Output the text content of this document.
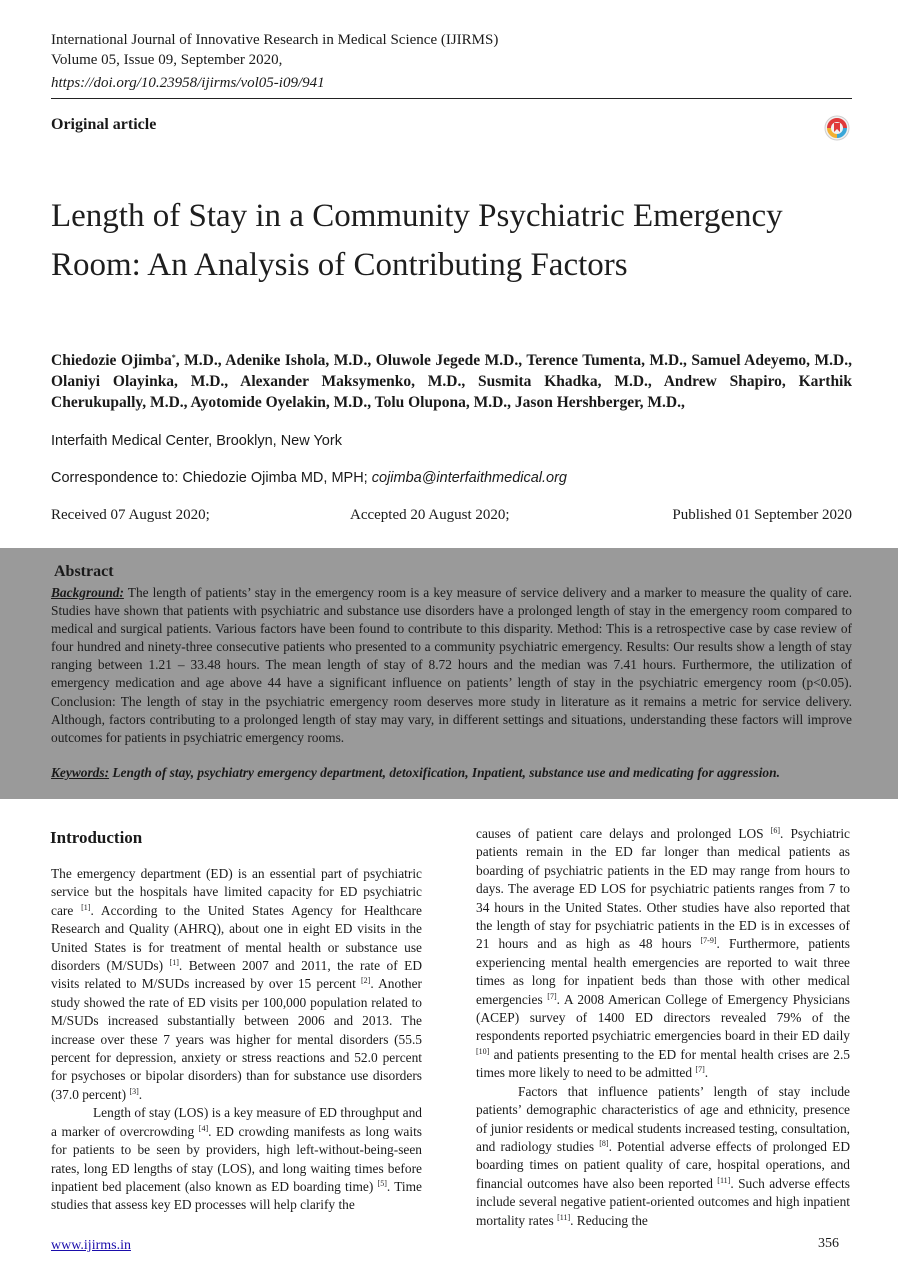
International Journal of Innovative Research in Medical Science (IJIRMS)
Volume 05, Issue 09, September 2020,
https://doi.org/10.23958/ijirms/vol05-i09/941
Original article
Length of Stay in a Community Psychiatric Emergency Room: An Analysis of Contributing Factors
Chiedozie Ojimba*, M.D., Adenike Ishola, M.D., Oluwole Jegede M.D., Terence Tumenta, M.D., Samuel Adeyemo, M.D., Olaniyi Olayinka, M.D., Alexander Maksymenko, M.D., Susmita Khadka, M.D., Andrew Shapiro, Karthik Cherukupally, M.D., Ayotomide Oyelakin, M.D., Tolu Olupona, M.D., Jason Hershberger, M.D.,
Interfaith Medical Center, Brooklyn, New York
Correspondence to: Chiedozie Ojimba MD, MPH; cojimba@interfaithmedical.org
Received 07 August 2020;	Accepted 20 August 2020;	Published 01 September 2020
Abstract
Background: The length of patients’ stay in the emergency room is a key measure of service delivery and a marker to measure the quality of care. Studies have shown that patients with psychiatric and substance use disorders have a prolonged length of stay in the emergency room compared to medical and surgical patients. Various factors have been found to contribute to this disparity. Method: This is a retrospective case by case review of four hundred and ninety-three consecutive patients who presented to a community psychiatric emergency. Results: Our results show a length of stay ranging between 1.21 – 33.48 hours. The mean length of stay of 8.72 hours and the median was 7.41 hours. Furthermore, the utilization of emergency medication and age above 44 have a significant influence on patients’ length of stay in the psychiatric emergency room (p<0.05). Conclusion: The length of stay in the psychiatric emergency room deserves more study in literature as it remains a metric for service delivery. Although, factors contributing to a prolonged length of stay may vary, in different settings and situations, understanding these factors will improve outcomes for patients in psychiatric emergency rooms.
Keywords: Length of stay, psychiatry emergency department, detoxification, Inpatient, substance use and medicating for aggression.
Introduction

The emergency department (ED) is an essential part of psychiatric service but the hospitals have limited capacity for ED psychiatric care [1]. According to the United States Agency for Healthcare Research and Quality (AHRQ), about one in eight ED visits in the United States is for treatment of mental health or substance use disorders (M/SUDs) [1]. Between 2007 and 2011, the rate of ED visits related to M/SUDs increased by over 15 percent [2]. Another study showed the rate of ED visits per 100,000 population related to M/SUDs increased substantially between 2006 and 2013. The increase over these 7 years was higher for mental disorders (55.5 percent for depression, anxiety or stress reactions and 52.0 percent for psychoses or bipolar disorders) than for substance use disorders (37.0 percent) [3].

Length of stay (LOS) is a key measure of ED throughput and a marker of overcrowding [4]. ED crowding manifests as long waits for patients to be seen by providers, high left-without-being-seen rates, long ED lengths of stay (LOS), and long waiting times before inpatient bed placement (also known as ED boarding time) [5]. Time studies that assess key ED processes will help clarify the

causes of patient care delays and prolonged LOS [6]. Psychiatric patients remain in the ED far longer than medical patients as boarding of psychiatric patients in the ED may range from hours to days. The average ED LOS for psychiatric patients ranges from 7 to 34 hours in the United States. Other studies have also reported that the length of stay for psychiatric patients in the ED is in excesses of 21 hours and as high as 48 hours [7-9]. Furthermore, patients experiencing mental health emergencies are reported to wait three times as long for inpatient beds than those with other medical emergencies [7]. A 2008 American College of Emergency Physicians (ACEP) survey of 1400 ED directors revealed 79% of the respondents reported psychiatric emergencies board in their ED daily [10] and patients presenting to the ED for mental health crises are 2.5 times more likely to need to be admitted [7].

Factors that influence patients’ length of stay include patients’ demographic characteristics of age and ethnicity, presence of junior residents or medical students increased testing, consultation, and radiology studies [8]. Potential adverse effects of prolonged ED boarding times on patient quality of care, hospital operations, and financial outcomes have also been reported [11]. Such adverse effects include several negative patient-oriented outcomes and high inpatient mortality rates [11]. Reducing the

www.ijirms.in	356
